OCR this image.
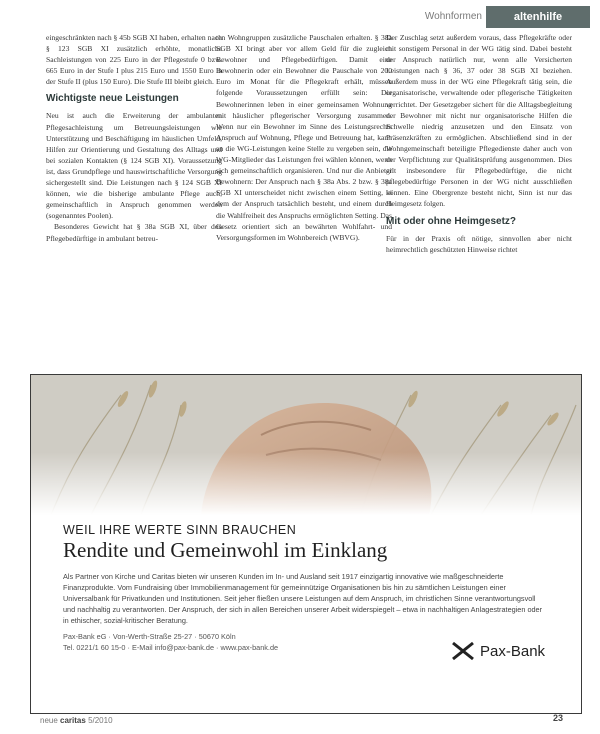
Wohnformen	altenhilfe

eingeschränkten nach § 45b SGB XI haben, erhalten nach § 123 SGB XI zusätzlich erhöhte, monatliche Sachleistungen von 225 Euro in der Pflegestufe 0 bzw. 665 Euro in der Stufe I plus 215 Euro und 1550 Euro in der Stufe II (plus 150 Euro). Die Stufe III bleibt gleich.

Wichtigste neue Leistungen

Neu ist auch die Erweiterung der ambulanten Pflegesachleistung um Betreuungsleistungen wie Unterstützung und Beschäftigung im häuslichen Umfeld, Hilfen zur Orientierung und Gestaltung des Alltags und bei sozialen Kontakten (§ 124 SGB XI). Voraussetzung ist, dass Grundpflege und hauswirtschaftliche Versorgung sichergestellt sind. Die Leistungen nach § 124 SGB XI können, wie die bisherige ambulante Pflege auch, gemeinschaftlich in Anspruch genommen werden (sogenanntes Poolen).

Besonderes Gewicht hat § 38a SGB XI, über den Pflegebedürftige in ambulant betreu-

ten Wohngruppen zusätzliche Pauschalen erhalten. § 38a SGB XI bringt aber vor allem Geld für die zugleich Bewohner und Pflegebedürftigen. Damit eine Bewohnerin oder ein Bewohner die Pauschale von 200 Euro im Monat für die Pflegekraft erhält, müssen folgende Voraussetzungen erfüllt sein: Die Bewohnerinnen leben in einer gemeinsamen Wohnung mit häuslicher pflegerischer Versorgung zusammen. Wenn nur ein Bewohner im Sinne des Leistungsrechts Anspruch auf Wohnung, Pflege und Betreuung hat, kann an die WG-Leistungen keine Stelle zu vergeben sein, die WG-Mitglieder das Leistungen frei wählen können, wenn sich gemeinschaftlich organisieren. Und nur die Anbieter Bewohnern: Der Anspruch nach § 38a Abs. 2 bzw. § 38a SGB XI unterscheidet nicht zwischen einem Setting, in dem der Anspruch tatsächlich besteht, und einem durch die Wahlfreiheit des Anspruchs ermöglichten Setting. Das Gesetz orientiert sich an bewährten Wohlfahrt- und Versorgungsformen im Wohnbereich (WBVG).

Der Zuschlag setzt außerdem voraus, dass Pflegekräfte oder mit sonstigem Personal in der WG tätig sind. Dabei besteht der Anspruch natürlich nur, wenn alle Versicherten Leistungen nach § 36, 37 oder 38 SGB XI beziehen. Außerdem muss in der WG eine Pflegekraft tätig sein, die organisatorische, verwaltende oder pflegerische Tätigkeiten verrichtet. Der Gesetzgeber sichert für die Alltagsbegleitung der Bewohner mit nicht nur organisatorische Hilfen die Schwelle niedrig anzusetzen und den Einsatz von Präsenzkräften zu ermöglichen. Abschließend sind in der Wohngemeinschaft beteiligte Pflegedienste daher auch von der Verpflichtung zur Qualitätsprüfung ausgenommen. Dies gilt insbesondere für Pflegebedürftige, die nicht pflegebedürftige Personen in der WG nicht ausschließen können. Eine Obergrenze besteht nicht, Sinn ist nur das Heimgesetz folgen.

Mit oder ohne Heimgesetz?

Für in der Praxis oft nötige, sinnvollen aber nicht heimrechtlich geschützten Hinweise richtet

WEIL IHRE WERTE SINN BRAUCHEN
Rendite und Gemeinwohl im Einklang
Als Partner von Kirche und Caritas bieten wir unseren Kunden im In- und Ausland seit 1917 einzigartig innovative wie maßgeschneiderte Finanzprodukte. Vom Fundraising über Immobilienmanagement für gemeinnützige Organisationen bis hin zu sämtlichen Leistungen einer Universalbank für Privatkunden und Institutionen. Seit jeher fließen unsere Leistungen auf dem Anspruch, im christlichen Sinne verantwortungsvoll und nachhaltig zu verantworten. Der Anspruch, der sich in allen Bereichen unserer Arbeit widerspiegelt – etwa in nachhaltigen Anlagestrategien oder in ethischer, sozial-kritischer Beratung.
Pax-Bank eG · Von-Werth-Straße 25-27 · 50670 Köln
Tel. 0221/1 60 15-0 · E-Mail info@pax-bank.de · www.pax-bank.de	Pax-Bank
neue caritas 5/2010	23
